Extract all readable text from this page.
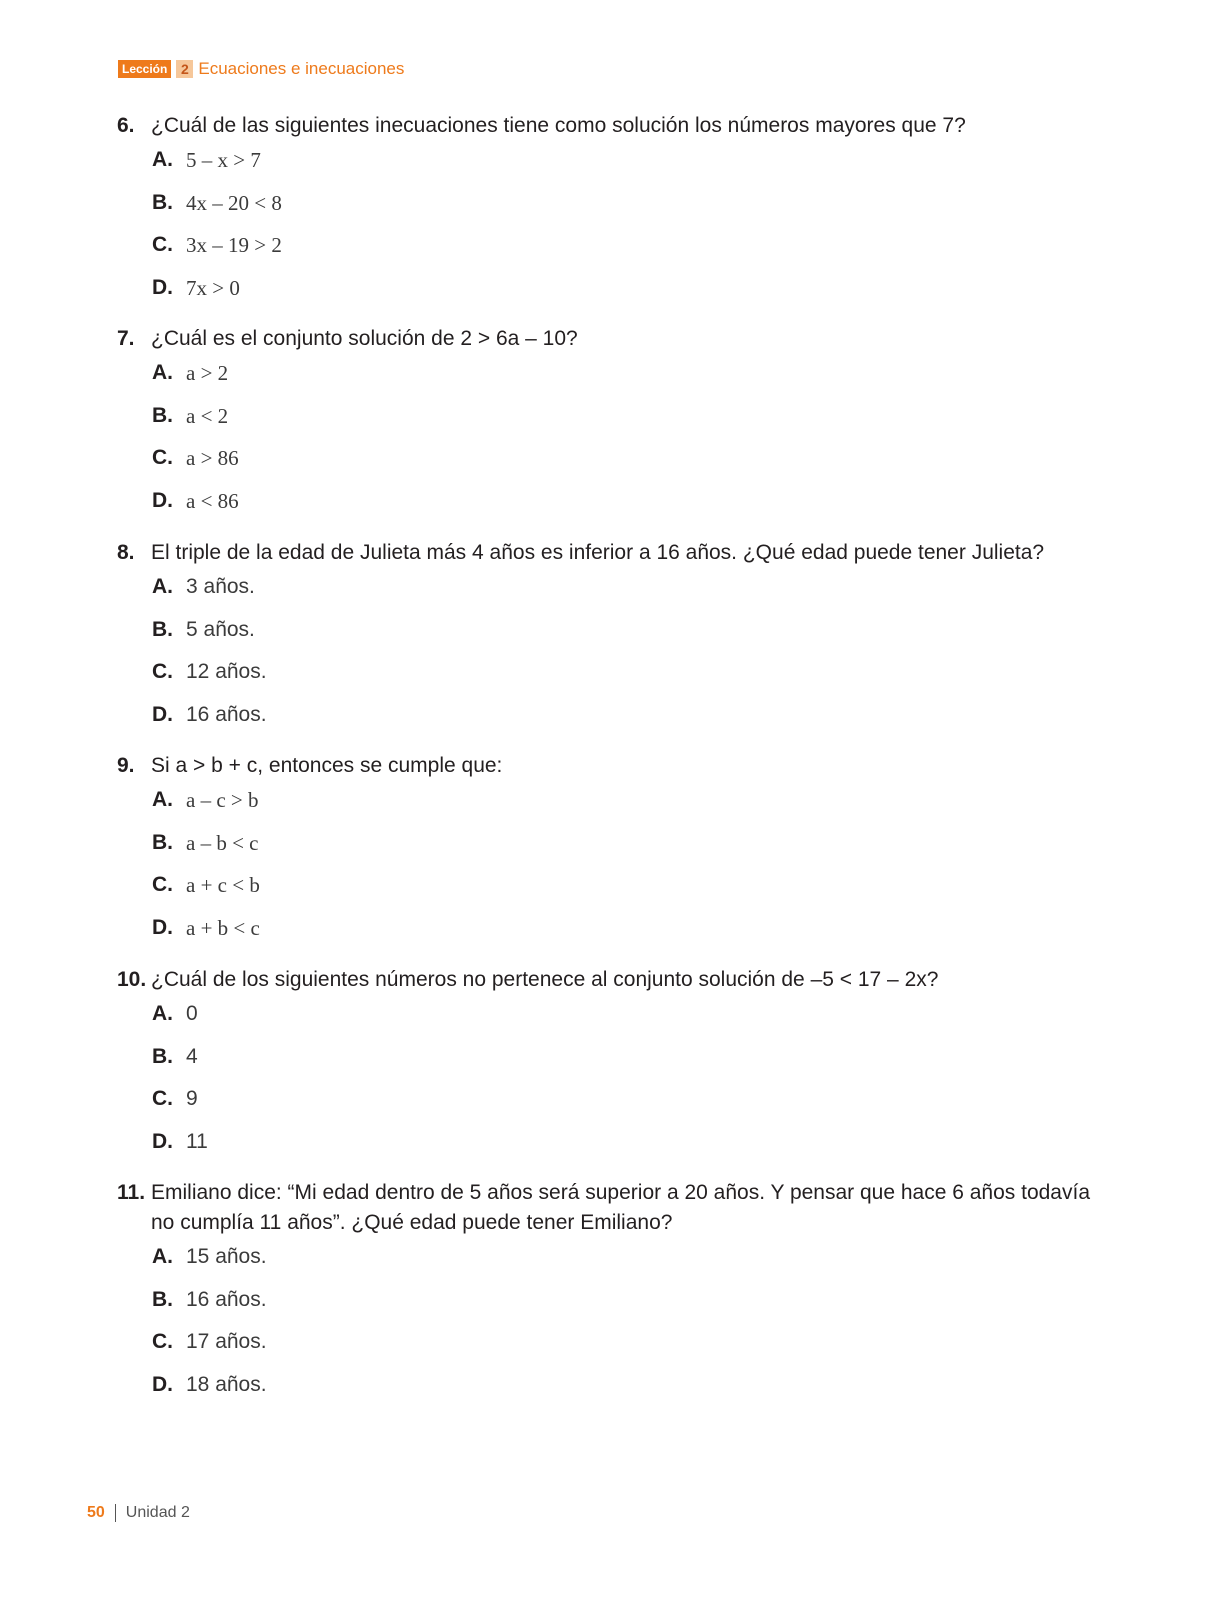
Lección 2 Ecuaciones e inecuaciones
6. ¿Cuál de las siguientes inecuaciones tiene como solución los números mayores que 7?
A. 5 – x > 7
B. 4x – 20 < 8
C. 3x – 19 > 2
D. 7x > 0
7. ¿Cuál es el conjunto solución de 2 > 6a – 10?
A. a > 2
B. a < 2
C. a > 86
D. a < 86
8. El triple de la edad de Julieta más 4 años es inferior a 16 años. ¿Qué edad puede tener Julieta?
A. 3 años.
B. 5 años.
C. 12 años.
D. 16 años.
9. Si a > b + c, entonces se cumple que:
A. a – c > b
B. a – b < c
C. a + c < b
D. a + b < c
10. ¿Cuál de los siguientes números no pertenece al conjunto solución de –5 < 17 – 2x?
A. 0
B. 4
C. 9
D. 11
11. Emiliano dice: “Mi edad dentro de 5 años será superior a 20 años. Y pensar que hace 6 años todavía no cumplía 11 años”. ¿Qué edad puede tener Emiliano?
A. 15 años.
B. 16 años.
C. 17 años.
D. 18 años.
50 Unidad 2
